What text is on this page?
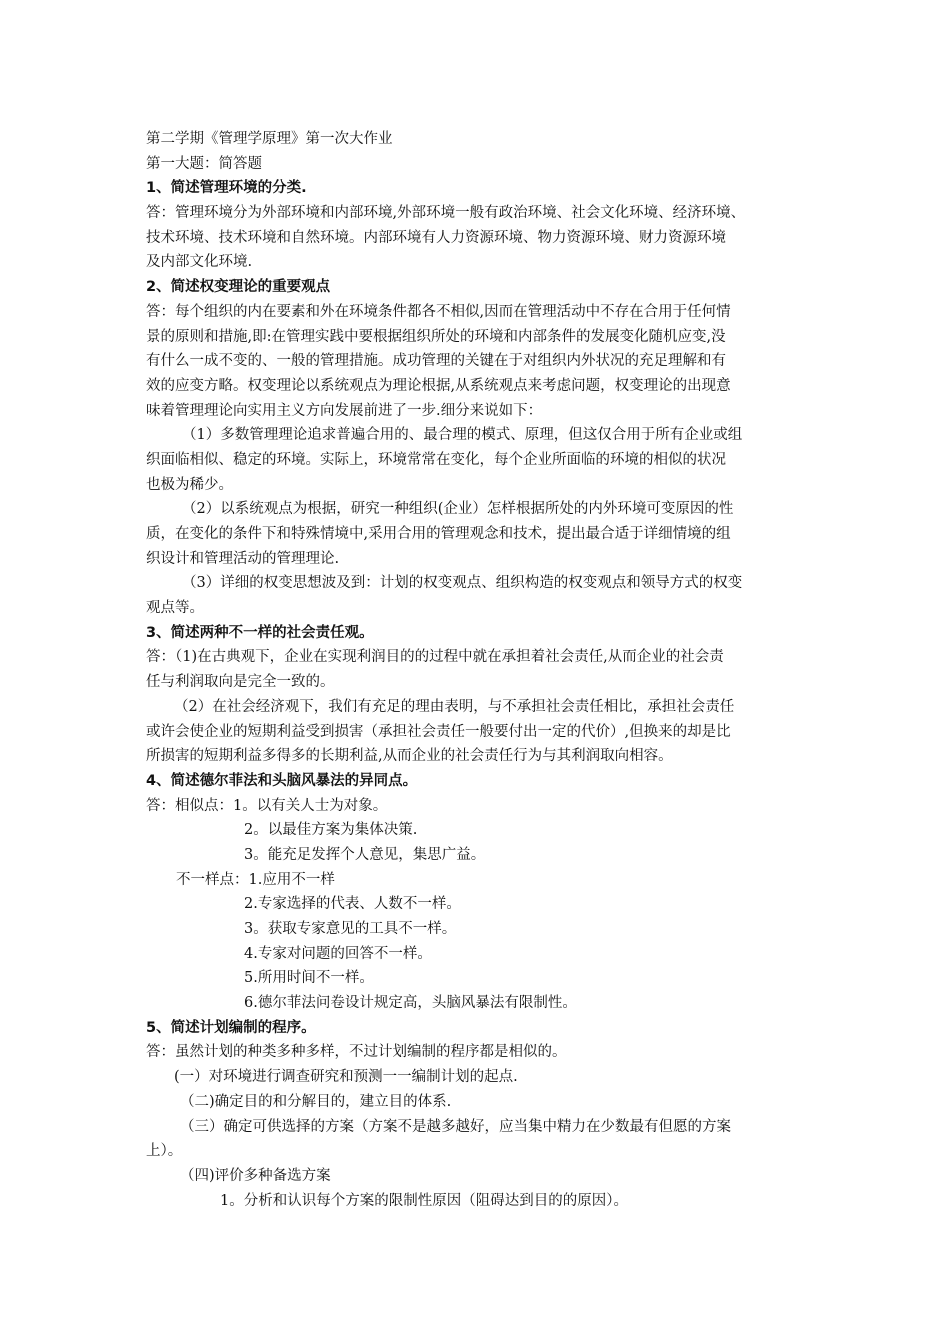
第二学期《管理学原理》第一次大作业
第一大题：简答题
1、简述管理环境的分类.
答：管理环境分为外部环境和内部环境,外部环境一般有政治环境、社会文化环境、经济环境、
技术环境、技术环境和自然环境。内部环境有人力资源环境、物力资源环境、财力资源环境
及内部文化环境.
2、简述权变理论的重要观点
答：每个组织的内在要素和外在环境条件都各不相似,因而在管理活动中不存在合用于任何情
景的原则和措施,即:在管理实践中要根据组织所处的环境和内部条件的发展变化随机应变,没
有什么一成不变的、一般的管理措施。成功管理的关键在于对组织内外状况的充足理解和有
效的应变方略。权变理论以系统观点为理论根据,从系统观点来考虑问题，权变理论的出现意
味着管理理论向实用主义方向发展前进了一步.细分来说如下：
（1）多数管理理论追求普遍合用的、最合理的模式、原理，但这仅合用于所有企业或组
织面临相似、稳定的环境。实际上，环境常常在变化，每个企业所面临的环境的相似的状况
也极为稀少。
（2）以系统观点为根据，研究一种组织(企业）怎样根据所处的内外环境可变原因的性
质，在变化的条件下和特殊情境中,采用合用的管理观念和技术，提出最合适于详细情境的组
织设计和管理活动的管理理论.
（3）详细的权变思想波及到：计划的权变观点、组织构造的权变观点和领导方式的权变
观点等。
3、简述两种不一样的社会责任观。
答：（1)在古典观下，企业在实现利润目的的过程中就在承担着社会责任,从而企业的社会责
任与利润取向是完全一致的。
（2）在社会经济观下，我们有充足的理由表明，与不承担社会责任相比，承担社会责任
或许会使企业的短期利益受到损害（承担社会责任一般要付出一定的代价）,但换来的却是比
所损害的短期利益多得多的长期利益,从而企业的社会责任行为与其利润取向相容。
4、简述德尔菲法和头脑风暴法的异同点。
答：相似点：1。以有关人士为对象。
2。以最佳方案为集体决策.
3。能充足发挥个人意见，集思广益。
不一样点：1.应用不一样
2.专家选择的代表、人数不一样。
3。获取专家意见的工具不一样。
4.专家对问题的回答不一样。
5.所用时间不一样。
6.德尔菲法问卷设计规定高，头脑风暴法有限制性。
5、简述计划编制的程序。
答：虽然计划的种类多种多样，不过计划编制的程序都是相似的。
(一）对环境进行调查研究和预测一一编制计划的起点.
（二)确定目的和分解目的，建立目的体系.
（三）确定可供选择的方案（方案不是越多越好，应当集中精力在少数最有但愿的方案
上）。
（四)评价多种备选方案
1。分析和认识每个方案的限制性原因（阻碍达到目的的原因）。
